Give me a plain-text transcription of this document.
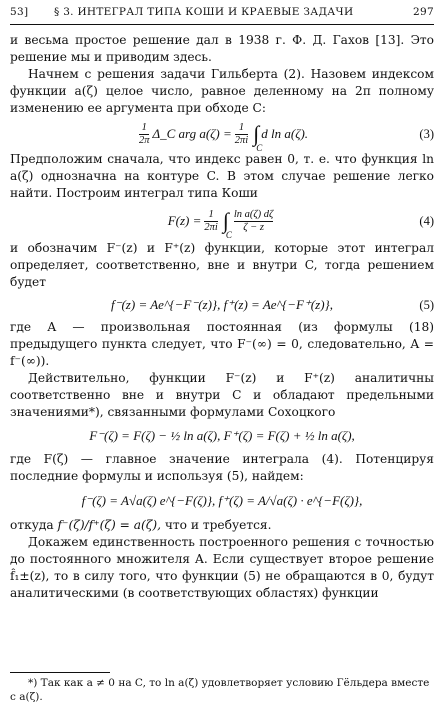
53]	§ 3. ИНТЕГРАЛ ТИПА КОШИ И КРАЕВЫЕ ЗАДАЧИ	297

и весьма простое решение дал в 1938 г. Ф. Д. Гахов [13]. Это решение мы и приводим здесь.

Начнем с решения задачи Гильберта (2). Назовем индексом функции a(ζ) целое число, равное деленному на 2π полному изменению ее аргумента при обходе C:

$\frac{1}{2\pi}$ Δ_C arg $a(\zeta) = \frac{1}{2\pi i}$ ∫
C
d ln a(ζ).	(3)

Предположим сначала, что индекс равен 0, т. е. что функция ln a(ζ) однозначна на контуре C. В этом случае решение легко найти. Построим интеграл типа Коши

$F(z) = \frac{1}{2\pi i}$ ∫
C
$\frac{\text{ln a(ζ) dζ}}{\zeta - z}$	(4)

и обозначим F⁻(z) и F⁺(z) функции, которые этот интеграл определяет, соответственно, вне и внутри C, тогда решением будет

f⁻(z) = Ae^{−F⁻(z)}, f⁺(z) = Ae^{−F⁺(z)},	(5)

где A — произвольная постоянная (из формулы (18) предыдущего пункта следует, что F⁻(∞) = 0, следовательно, A = f⁻(∞)).

Действительно, функции F⁻(z) и F⁺(z) аналитичны соответственно вне и внутри C и обладают предельными значениями*), связанными формулами Сохоцкого

F⁻(ζ) = F(ζ) − ½ ln a(ζ), F⁺(ζ) = F(ζ) + ½ ln a(ζ),

где F(ζ) — главное значение интеграла (4). Потенцируя последние формулы и используя (5), найдем:

f⁻(ζ) = A√a(ζ) e^{−F(ζ)}, f⁺(ζ) = A/√a(ζ) · e^{−F(ζ)},

откуда f⁻(ζ)/f⁺(ζ) = a(ζ), что и требуется.

Докажем единственность построенного решения с точностью до постоянного множителя A. Если существует второе решение f̂₁±(z), то в силу того, что функции (5) не обращаются в 0, будут аналитическими (в соответствующих областях) функции

*) Так как a ≠ 0 на C, то ln a(ζ) удовлетворяет условию Гёльдера вместе с a(ζ).
